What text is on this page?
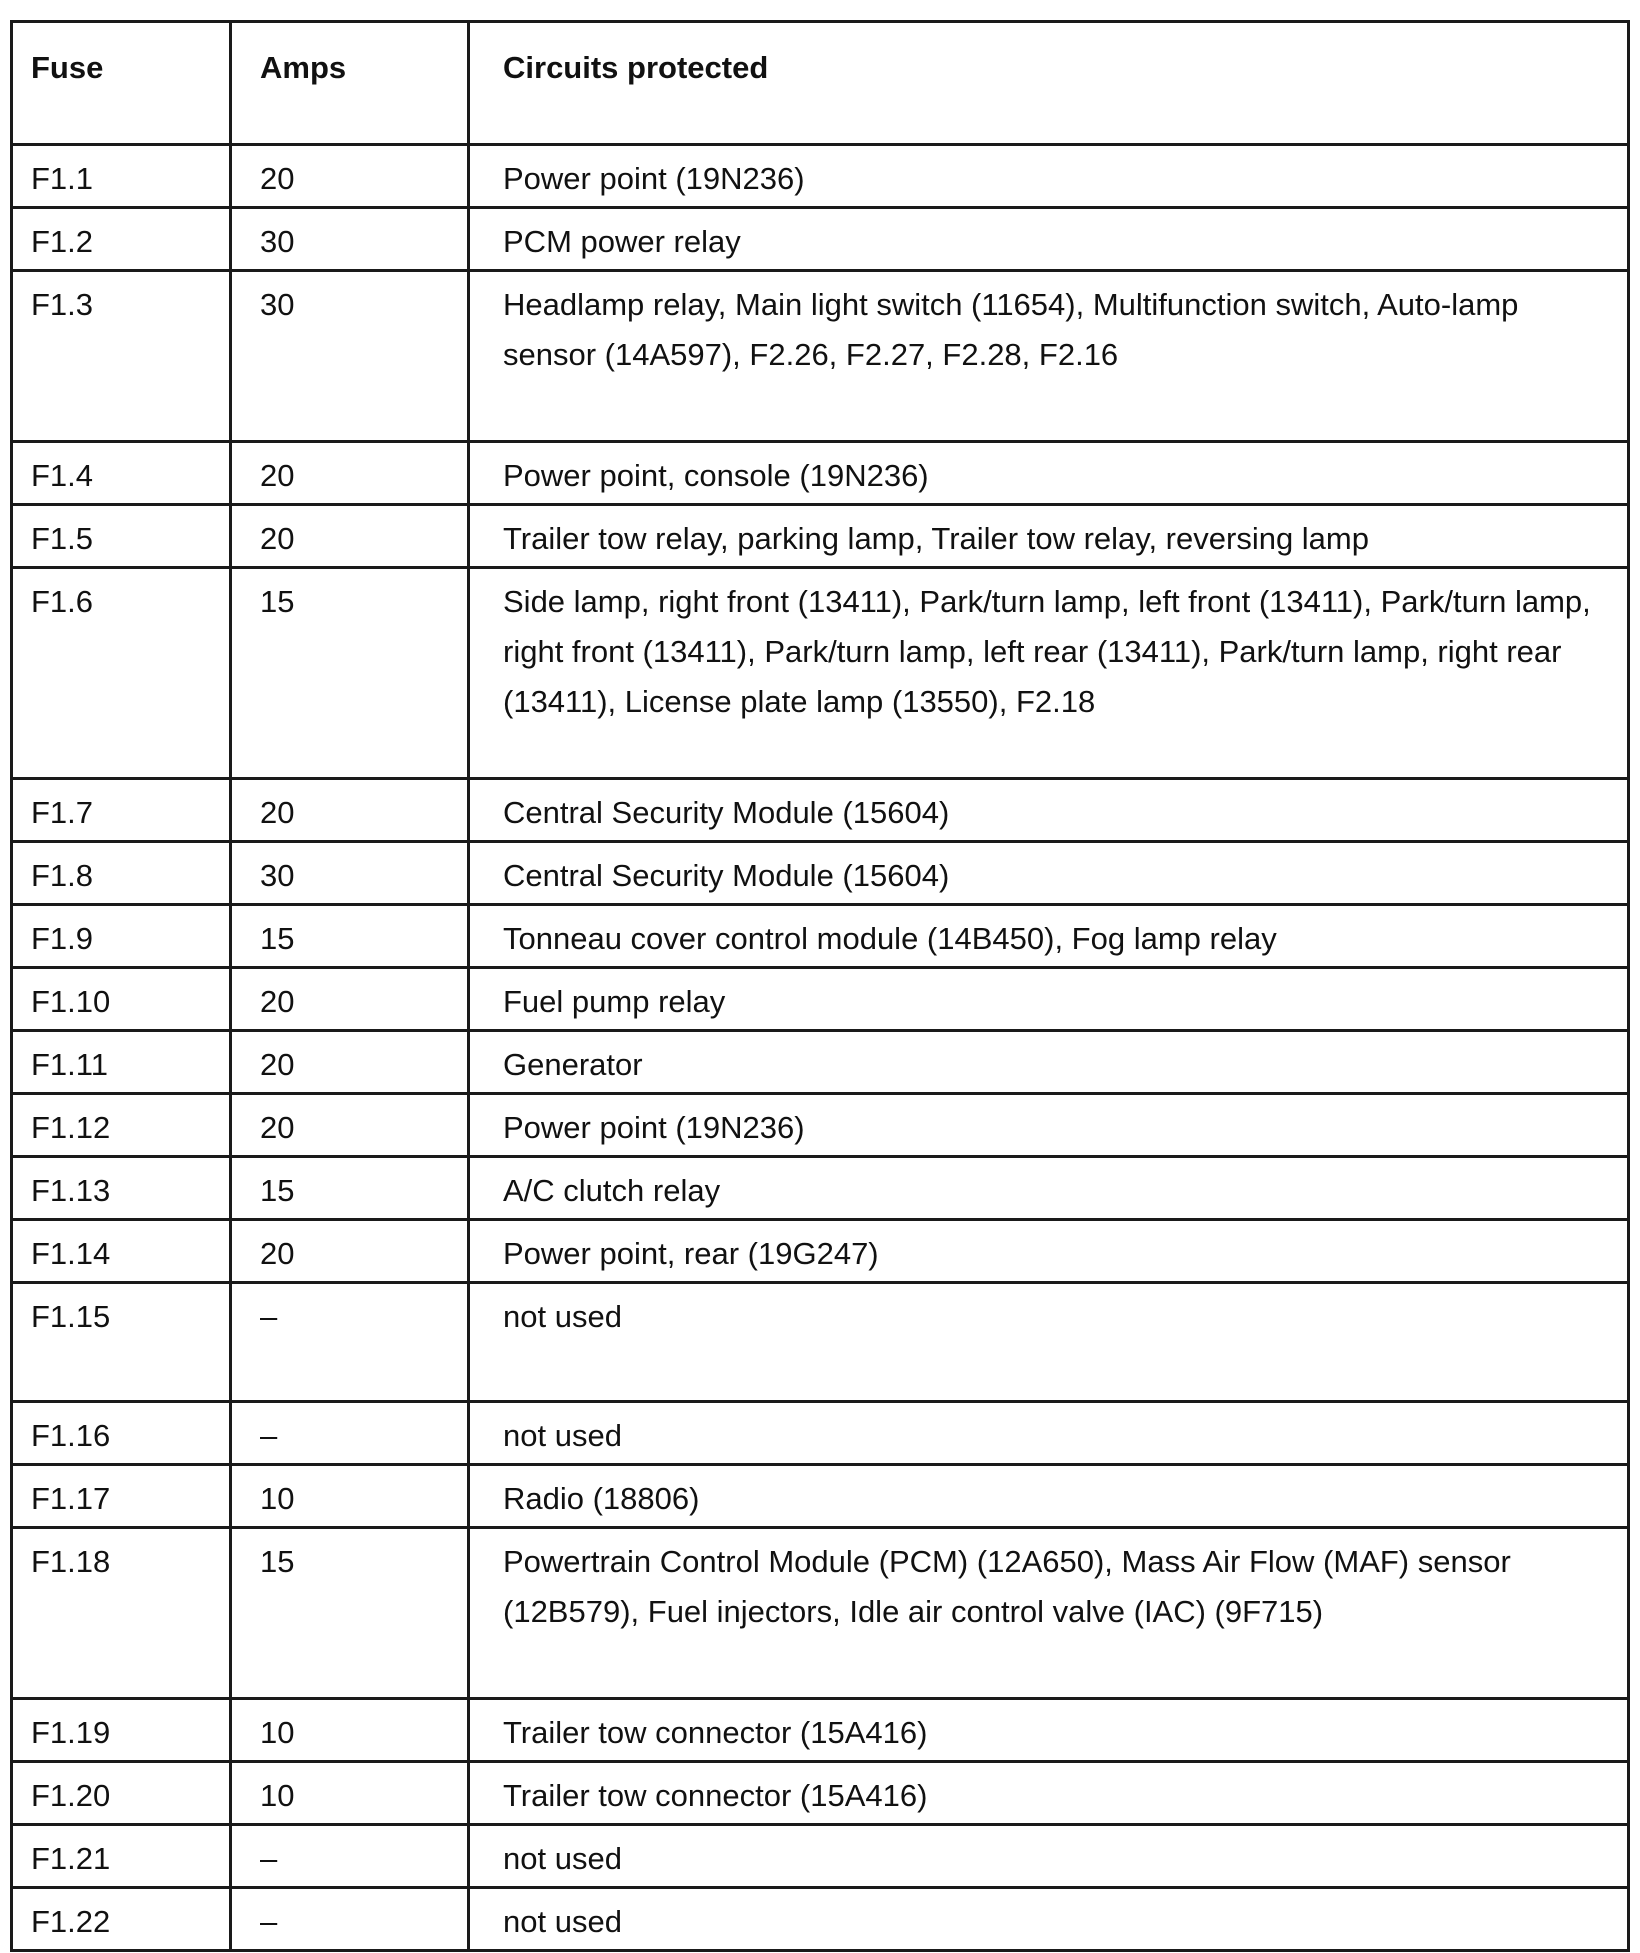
Fuse	Amps	Circuits protected
F1.1	20	Power point (19N236)
F1.2	30	PCM power relay
F1.3	30	Headlamp relay, Main light switch (11654), Multifunction switch, Auto-lamp sensor (14A597), F2.26, F2.27, F2.28, F2.16
F1.4	20	Power point, console (19N236)
F1.5	20	Trailer tow relay, parking lamp, Trailer tow relay, reversing lamp
F1.6	15	Side lamp, right front (13411), Park/turn lamp, left front (13411), Park/turn lamp, right front (13411), Park/turn lamp, left rear (13411), Park/turn lamp, right rear (13411), License plate lamp (13550), F2.18
F1.7	20	Central Security Module (15604)
F1.8	30	Central Security Module (15604)
F1.9	15	Tonneau cover control module (14B450), Fog lamp relay
F1.10	20	Fuel pump relay
F1.11	20	Generator
F1.12	20	Power point (19N236)
F1.13	15	A/C clutch relay
F1.14	20	Power point, rear (19G247)
F1.15	–	not used
F1.16	–	not used
F1.17	10	Radio (18806)
F1.18	15	Powertrain Control Module (PCM) (12A650), Mass Air Flow (MAF) sensor (12B579), Fuel injectors, Idle air control valve (IAC) (9F715)
F1.19	10	Trailer tow connector (15A416)
F1.20	10	Trailer tow connector (15A416)
F1.21	–	not used
F1.22	–	not used
